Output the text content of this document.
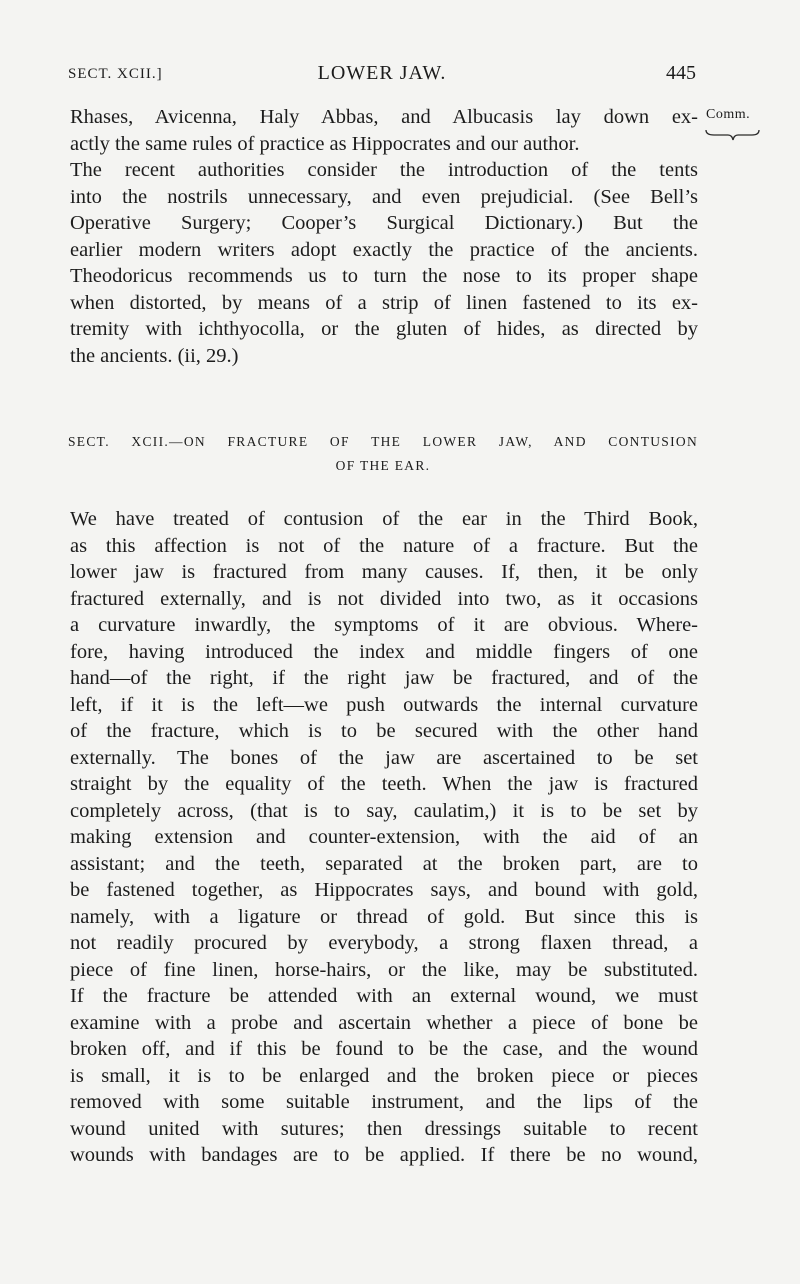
SECT. XCII.]	LOWER JAW.	445
Comm.
Rhases, Avicenna, Haly Abbas, and Albucasis lay down ex-
actly the same rules of practice as Hippocrates and our author.
The recent authorities consider the introduction of the tents
into the nostrils unnecessary, and even prejudicial. (See Bell’s
Operative Surgery; Cooper’s Surgical Dictionary.) But the
earlier modern writers adopt exactly the practice of the ancients.
Theodoricus recommends us to turn the nose to its proper shape
when distorted, by means of a strip of linen fastened to its ex-
tremity with ichthyocolla, or the gluten of hides, as directed by
the ancients. (ii, 29.)
SECT. XCII.—ON FRACTURE OF THE LOWER JAW, AND CONTUSION
OF THE EAR.
We have treated of contusion of the ear in the Third Book,
as this affection is not of the nature of a fracture. But the
lower jaw is fractured from many causes. If, then, it be only
fractured externally, and is not divided into two, as it occasions
a curvature inwardly, the symptoms of it are obvious. Where-
fore, having introduced the index and middle fingers of one
hand—of the right, if the right jaw be fractured, and of the
left, if it is the left—we push outwards the internal curvature
of the fracture, which is to be secured with the other hand
externally. The bones of the jaw are ascertained to be set
straight by the equality of the teeth. When the jaw is fractured
completely across, (that is to say, caulatim,) it is to be set by
making extension and counter-extension, with the aid of an
assistant; and the teeth, separated at the broken part, are to
be fastened together, as Hippocrates says, and bound with gold,
namely, with a ligature or thread of gold. But since this is
not readily procured by everybody, a strong flaxen thread, a
piece of fine linen, horse-hairs, or the like, may be substituted.
If the fracture be attended with an external wound, we must
examine with a probe and ascertain whether a piece of bone be
broken off, and if this be found to be the case, and the wound
is small, it is to be enlarged and the broken piece or pieces
removed with some suitable instrument, and the lips of the
wound united with sutures; then dressings suitable to recent
wounds with bandages are to be applied. If there be no wound,
